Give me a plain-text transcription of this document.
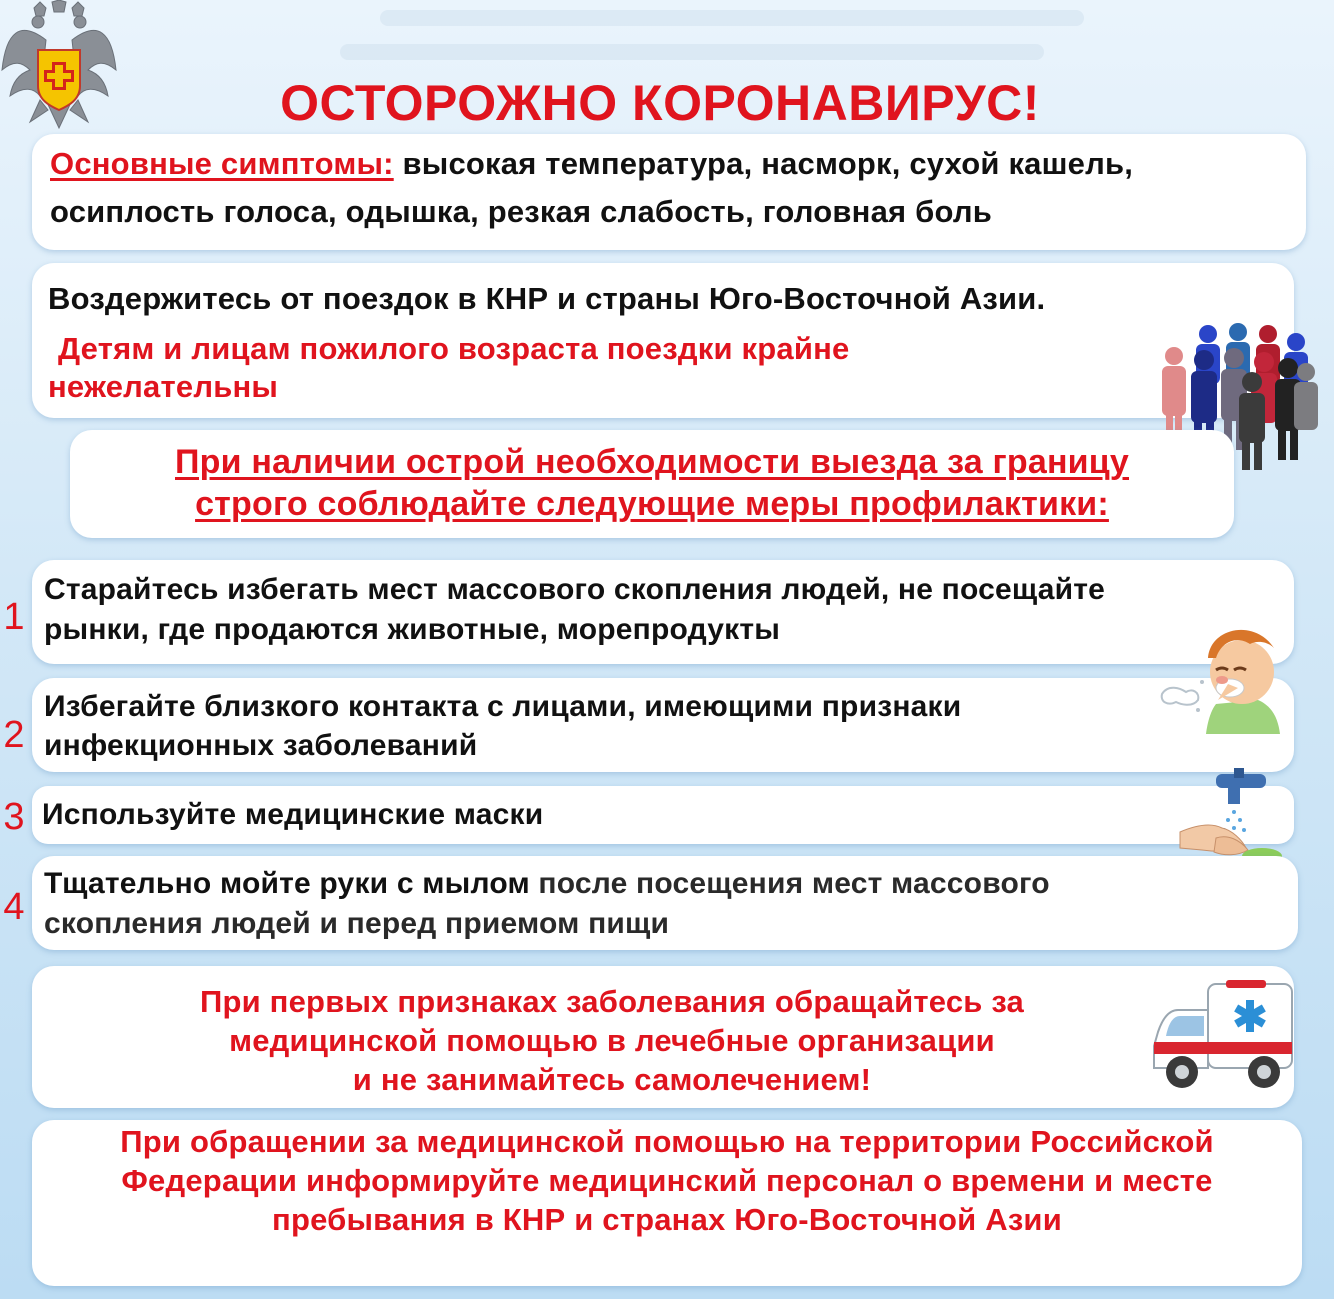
ОСТОРОЖНО КОРОНАВИРУС!
Основные симптомы: высокая температура, насморк, сухой кашель,
осиплость голоса, одышка, резкая слабость, головная боль
Воздержитесь от поездок в КНР и страны Юго-Восточной Азии.
Детям и лицам пожилого возраста поездки крайне
нежелательны
При наличии острой необходимости выезда за границу
строго соблюдайте следующие меры профилактики:
1
Старайтесь избегать мест массового скопления людей, не посещайте
рынки, где продаются животные, морепродукты
2
Избегайте близкого контакта с лицами, имеющими признаки
инфекционных заболеваний
3 Используйте медицинские маски
4
Тщательно мойте руки с мылом после посещения мест массового
скопления людей и перед приемом пищи
При первых признаках заболевания обращайтесь за
медицинской помощью в лечебные организации
и не занимайтесь самолечением!
При обращении за медицинской помощью на территории Российской
Федерации информируйте медицинский персонал о времени и месте
пребывания в КНР и странах Юго-Восточной Азии
